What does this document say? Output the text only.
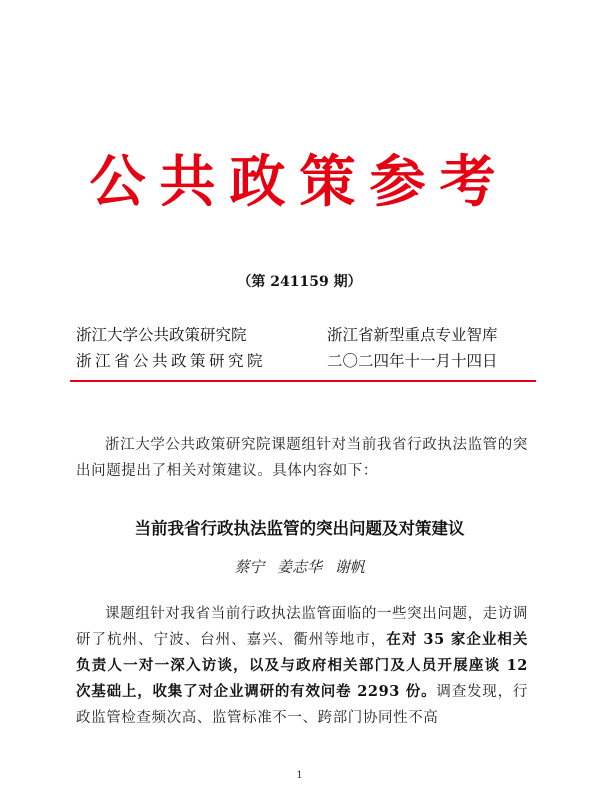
公共政策参考
（第 241159 期）
浙江大学公共政策研究院
浙江省公共政策研究院
浙江省新型重点专业智库
二〇二四年十一月十四日
浙江大学公共政策研究院课题组针对当前我省行政执法监管的突出问题提出了相关对策建议。具体内容如下：
当前我省行政执法监管的突出问题及对策建议
蔡宁 姜志华 谢帆
课题组针对我省当前行政执法监管面临的一些突出问题，走访调研了杭州、宁波、台州、嘉兴、衢州等地市，在对 35 家企业相关负责人一对一深入访谈，以及与政府相关部门及人员开展座谈 12 次基础上，收集了对企业调研的有效问卷 2293 份。调查发现，行政监管检查频次高、监管标准不一、跨部门协同性不高
1
